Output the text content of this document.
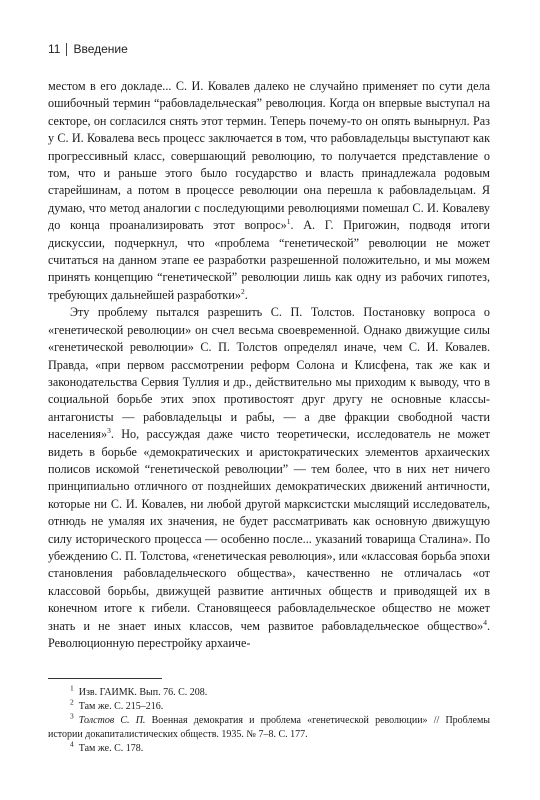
11 Введение

местом в его докладе... С. И. Ковалев далеко не случайно применяет по сути дела ошибочный термин “рабовладельческая” революция. Когда он впервые выступал на секторе, он согласился снять этот термин. Теперь почему-то он опять вынырнул. Раз у С. И. Ковалева весь процесс заключается в том, что рабовладельцы выступают как прогрессивный класс, совершающий революцию, то получается представление о том, что и раньше этого было государство и власть принадлежала родовым старейшинам, а потом в процессе революции она перешла к рабовладельцам. Я думаю, что метод аналогии с последующими революциями помешал С. И. Ковалеву до конца проанализировать этот вопрос»$^1$. А. Г. Пригожин, подводя итоги дискуссии, подчеркнул, что «проблема “генетической” революции не может считаться на данном этапе ее разработки разрешенной положительно, и мы можем принять концепцию “генетической” революции лишь как одну из рабочих гипотез, требующих дальнейшей разработки»$^2$.

Эту проблему пытался разрешить С. П. Толстов. Постановку вопроса о «генетической революции» он счел весьма своевременной. Однако движущие силы «генетической революции» С. П. Толстов определял иначе, чем С. И. Ковалев. Правда, «при первом рассмотрении реформ Солона и Клисфена, так же как и законодательства Сервия Туллия и др., действительно мы приходим к выводу, что в социальной борьбе этих эпох противостоят друг другу не основные классы-антагонисты — рабовладельцы и рабы, — а две фракции свободной части населения»$^3$. Но, рассуждая даже чисто теоретически, исследователь не может видеть в борьбе «демократических и аристократических элементов архаических полисов искомой “генетической революции” — тем более, что в них нет ничего принципиально отличного от позднейших демократических движений античности, которые ни С. И. Ковалев, ни любой другой марксистски мыслящий исследователь, отнюдь не умаляя их значения, не будет рассматривать как основную движущую силу исторического процесса — особенно после... указаний товарища Сталина». По убеждению С. П. Толстова, «генетическая революция», или «классовая борьба эпохи становления рабовладельческого общества», качественно не отличалась «от классовой борьбы, движущей развитие античных обществ и приводящей их в конечном итоге к гибели. Становящееся рабовладельческое общество не может знать и не знает иных классов, чем развитое рабовладельческое общество»$^4$. Революционную перестройку архаиче-

$^1$  Изв. ГАИМК. Вып. 76. С. 208.

$^2$  Там же. С. 215–216.

$^3$  Толстов С. П. Военная демократия и проблема «генетической революции» // Проблемы истории докапиталистических обществ. 1935. № 7–8. С. 177.

$^4$  Там же. С. 178.
